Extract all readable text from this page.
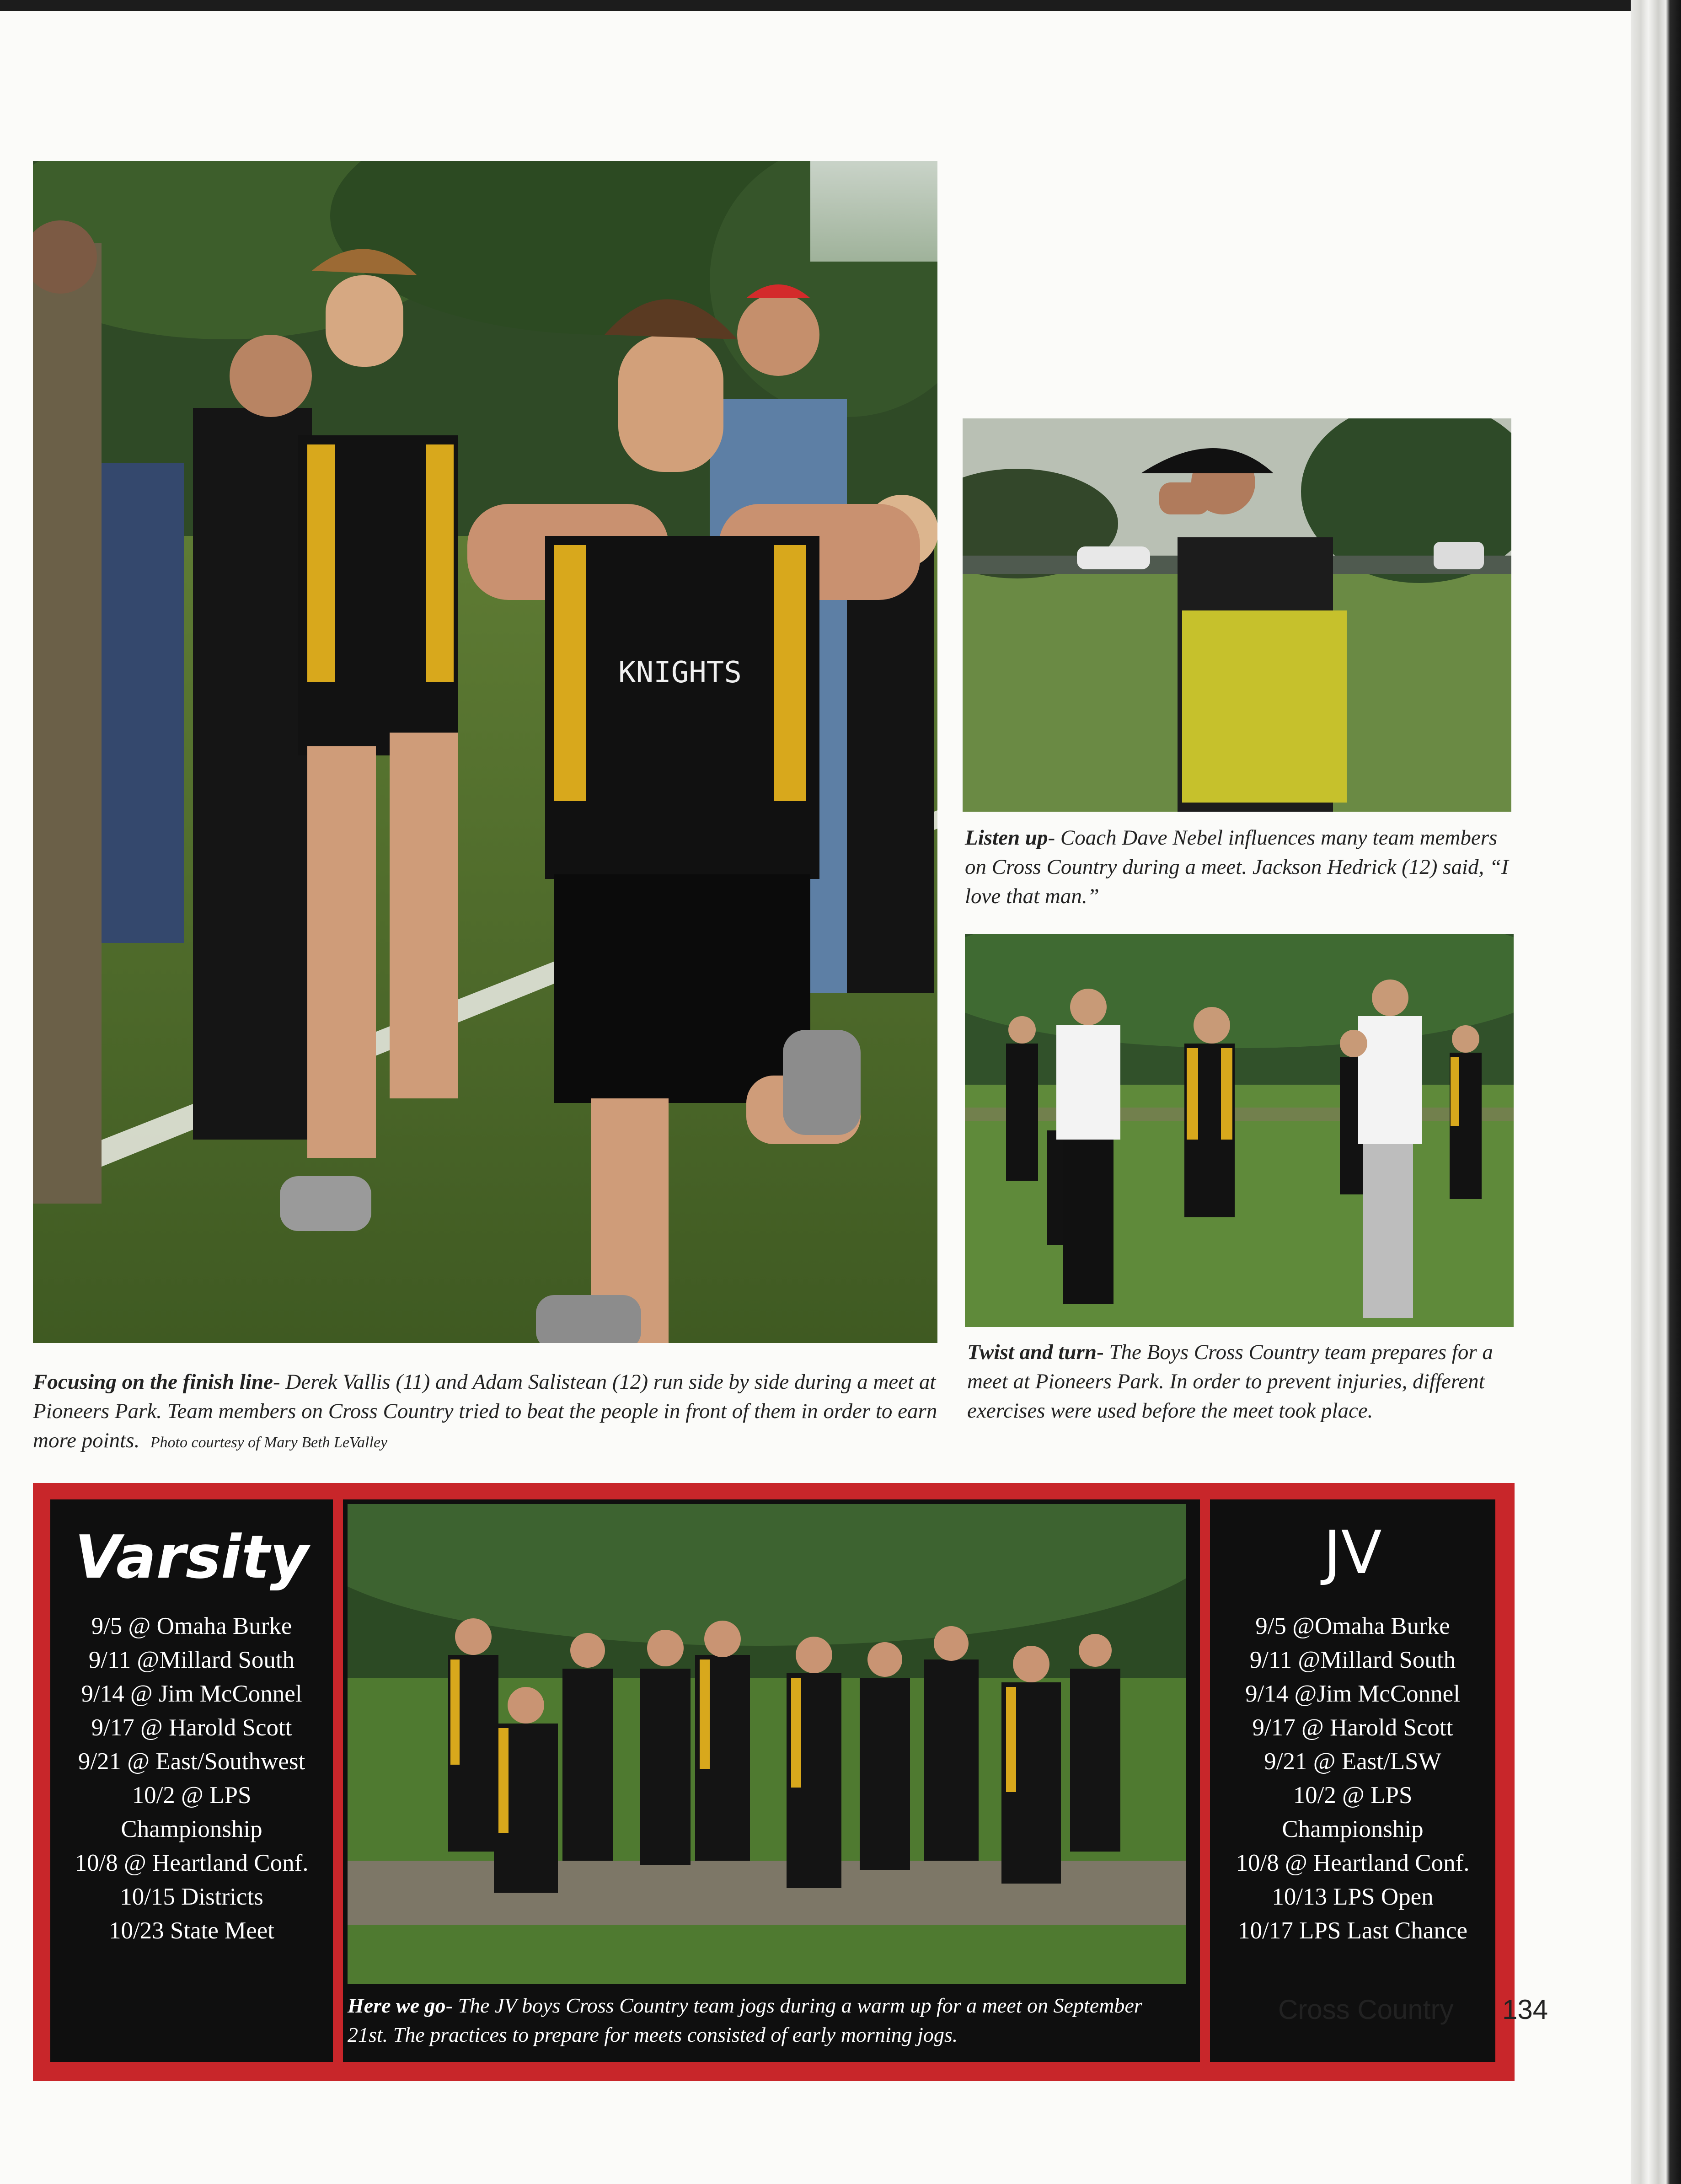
KNIGHTS
Focusing on the finish line- Derek Vallis (11) and Adam Salistean (12) run side by side during a meet at Pioneers Park. Team members on Cross Country tried to beat the people in front of them in order to earn more points. Photo courtesy of Mary Beth LeValley
Listen up- Coach Dave Nebel influences many team members on Cross Country during a meet. Jackson Hedrick (12) said, “I love that man.”
Twist and turn- The Boys Cross Country team prepares for a meet at Pioneers Park. In order to prevent injuries, different exercises were used before the meet took place.
Varsity
9/5 @ Omaha Burke
9/11 @Millard South
9/14 @ Jim McConnel
9/17 @ Harold Scott
9/21 @ East/Southwest
10/2 @ LPS
Championship
10/8 @ Heartland Conf.
10/15 Districts
10/23 State Meet
Here we go- The JV boys Cross Country team jogs during a warm up for a meet on September 21st. The practices to prepare for meets consisted of early morning jogs.
JV
9/5 @Omaha Burke
9/11 @Millard South
9/14 @Jim McConnel
9/17 @ Harold Scott
9/21 @ East/LSW
10/2 @ LPS
Championship
10/8 @ Heartland Conf.
10/13 LPS Open
10/17 LPS Last Chance
Cross Country 134
